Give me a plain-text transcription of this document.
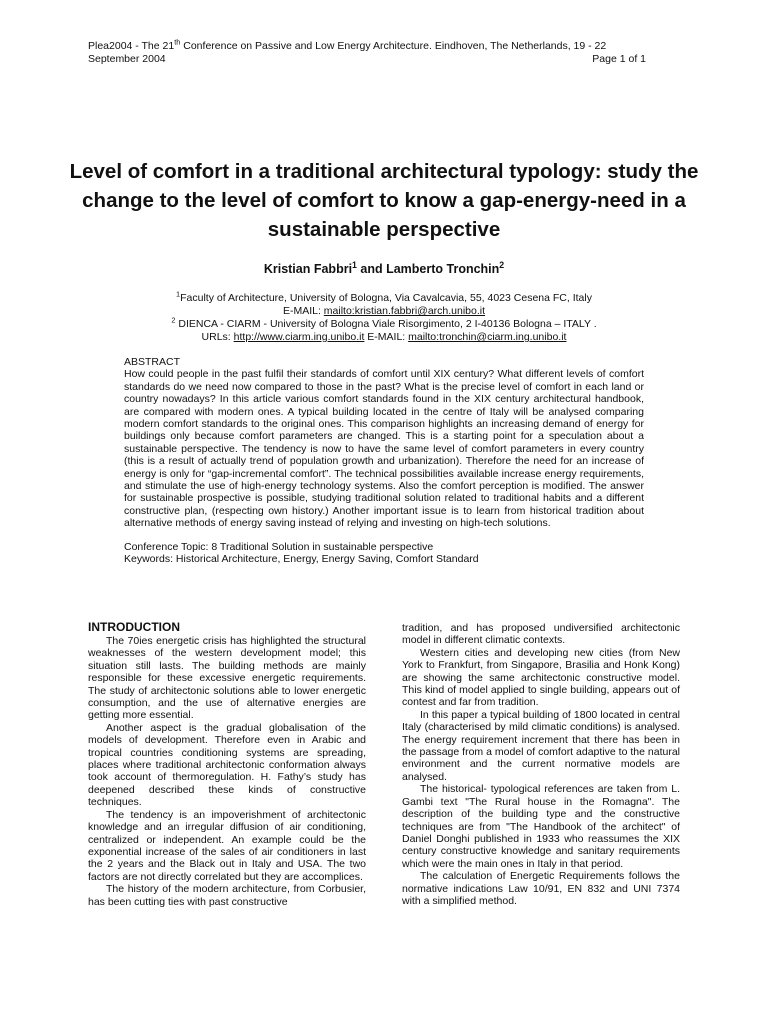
Plea2004 - The 21th Conference on Passive and Low Energy Architecture. Eindhoven, The Netherlands, 19 - 22
September 2004	Page 1 of 1
Level of comfort in a traditional architectural typology: study the change to the level of comfort to know a gap-energy-need in a sustainable perspective
Kristian Fabbri$^1$ and Lamberto Tronchin$^2$
$^1$Faculty of Architecture, University of Bologna, Via Cavalcavia, 55, 4023 Cesena FC, Italy
E-MAIL: mailto:kristian.fabbri@arch.unibo.it
$^2$ DIENCA - CIARM - University of Bologna Viale Risorgimento, 2 I-40136 Bologna – ITALY .
URLs: http://www.ciarm.ing.unibo.it E-MAIL: mailto:tronchin@ciarm.ing.unibo.it

ABSTRACT

How could people in the past fulfil their standards of comfort until XIX century? What different levels of comfort standards do we need now compared to those in the past? What is the precise level of comfort in each land or country nowadays? In this article various comfort standards found in the XIX century architectural handbook, are compared with modern ones. A typical building located in the centre of Italy will be analysed comparing modern comfort standards to the original ones. This comparison highlights an increasing demand of energy for buildings only because comfort parameters are changed. This is a starting point for a speculation about a sustainable perspective. The tendency is now to have the same level of comfort parameters in every country (this is a result of actually trend of population growth and urbanization). Therefore the need for an increase of energy is only for “gap-incremental comfort”. The technical possibilities available increase energy requirements, and stimulate the use of high-energy technology systems. Also the comfort perception is modified. The answer for sustainable prospective is possible, studying traditional solution related to traditional habits and a different constructive plan, (respecting own history.) Another important issue is to learn from historical tradition about alternative methods of energy saving instead of relying and investing on high-tech solutions.

Conference Topic: 8 Traditional Solution in sustainable perspective

Keywords: Historical Architecture, Energy, Energy Saving, Comfort Standard

INTRODUCTION

The 70ies energetic crisis has highlighted the structural weaknesses of the western development model; this situation still lasts. The building methods are mainly responsible for these excessive energetic requirements. The study of architectonic solutions able to lower energetic consumption, and the use of alternative energies are getting more essential.

Another aspect is the gradual globalisation of the models of development. Therefore even in Arabic and tropical countries conditioning systems are spreading, places where traditional architectonic conformation always took account of thermoregulation. H. Fathy’s study has deepened described these kinds of constructive techniques.

The tendency is an impoverishment of architectonic knowledge and an irregular diffusion of air conditioning, centralized or independent. An example could be the exponential increase of the sales of air conditioners in last the 2 years and the Black out in Italy and USA. The two factors are not directly correlated but they are accomplices.

The history of the modern architecture, from Corbusier, has been cutting ties with past constructive

tradition, and has proposed undiversified architectonic model in different climatic contexts.

Western cities and developing new cities (from New York to Frankfurt, from Singapore, Brasilia and Honk Kong) are showing the same architectonic constructive model. This kind of model applied to single building, appears out of contest and far from tradition.

In this paper a typical building of 1800 located in central Italy (characterised by mild climatic conditions) is analysed. The energy requirement increment that there has been in the passage from a model of comfort adaptive to the natural environment and the current normative models are analysed.

The historical- typological references are taken from L. Gambi text "The Rural house in the Romagna". The description of the building type and the constructive techniques are from "The Handbook of the architect" of Daniel Donghi published in 1933 who reassumes the XIX century constructive knowledge and sanitary requirements which were the main ones in Italy in that period.

The calculation of Energetic Requirements follows the normative indications Law 10/91, EN 832 and UNI 7374 with a simplified method.
